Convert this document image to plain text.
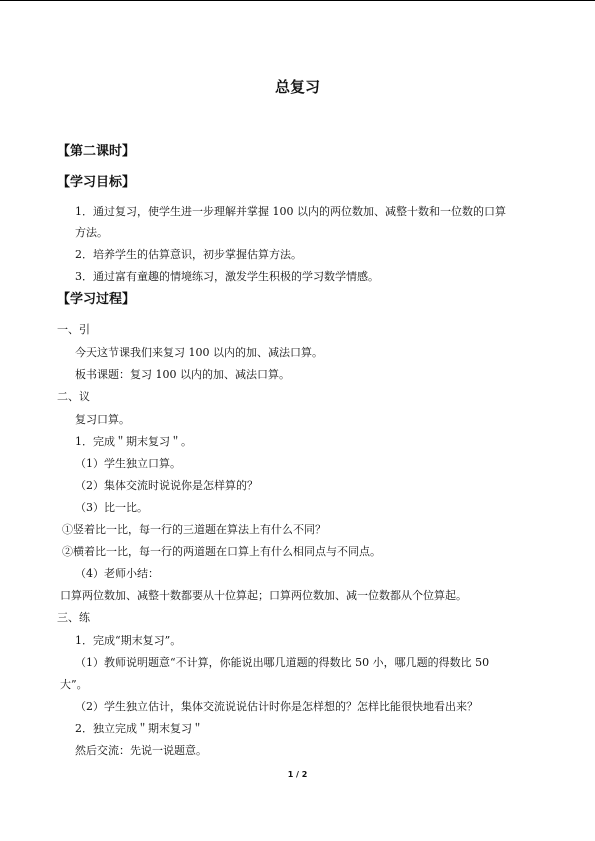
总复习
【第二课时】
【学习目标】
1．通过复习，使学生进一步理解并掌握 100 以内的两位数加、减整十数和一位数的口算
方法。
2．培养学生的估算意识，初步掌握估算方法。
3．通过富有童趣的情境练习，激发学生积极的学习数学情感。
【学习过程】
一、引
今天这节课我们来复习 100 以内的加、减法口算。
板书课题：复习 100 以内的加、减法口算。
二、议
复习口算。
1．完成＂期末复习＂。
（1）学生独立口算。
（2）集体交流时说说你是怎样算的？
（3）比一比。
①竖着比一比，每一行的三道题在算法上有什么不同？
②横着比一比，每一行的两道题在口算上有什么相同点与不同点。
（4）老师小结：
口算两位数加、减整十数都要从十位算起；口算两位数加、减一位数都从个位算起。
三、练
1．完成“期末复习”。
（1）教师说明题意“不计算，你能说出哪几道题的得数比 50 小，哪几题的得数比 50
大”。
（2）学生独立估计，集体交流说说估计时你是怎样想的？怎样比能很快地看出来？
2．独立完成＂期末复习＂
然后交流：先说一说题意。
1 / 2
